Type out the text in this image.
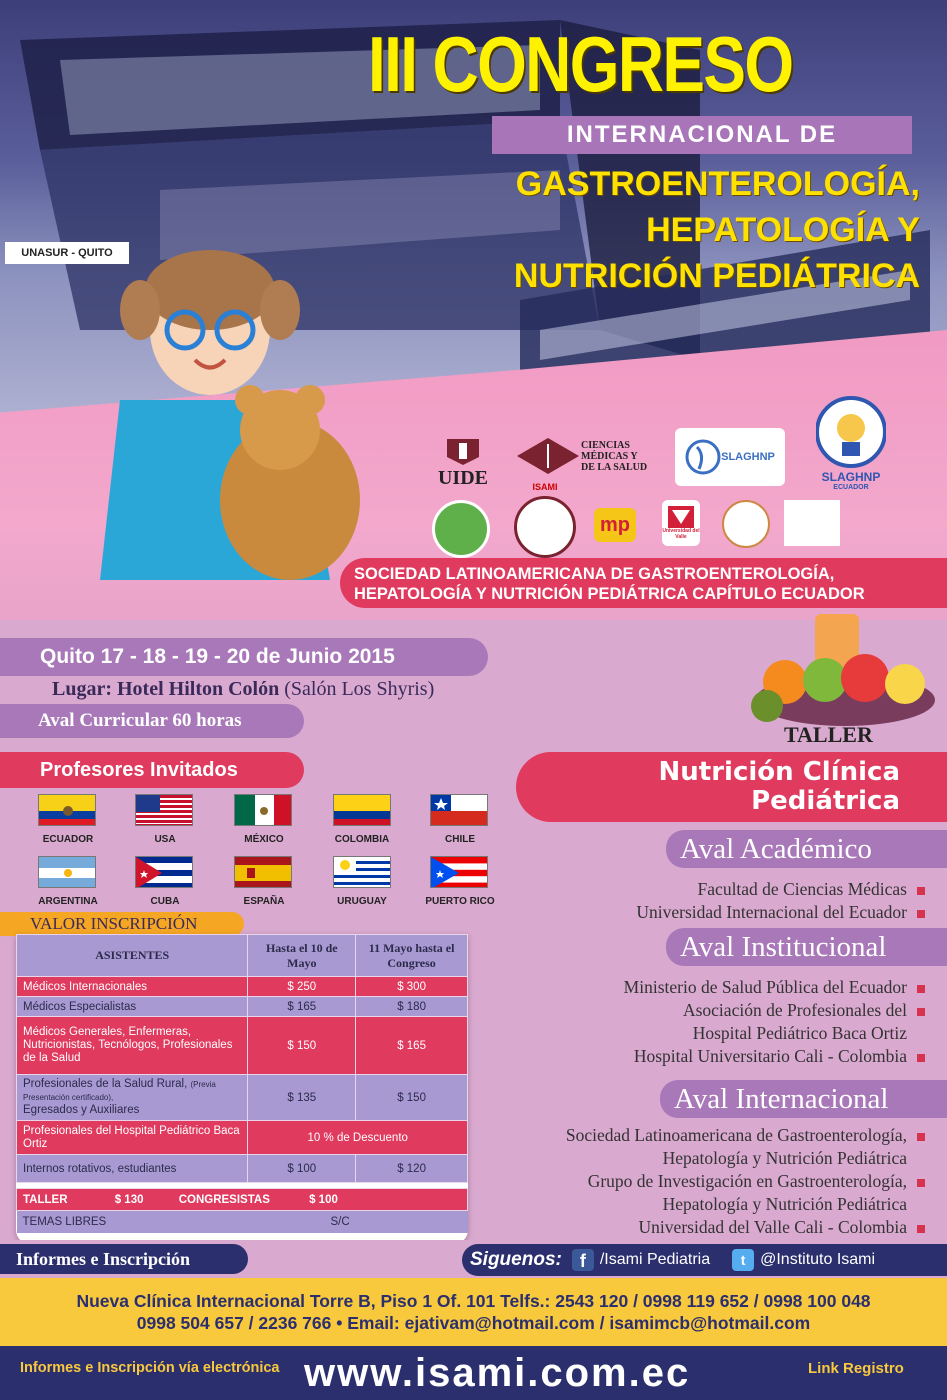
III CONGRESO
INTERNACIONAL DE
GASTROENTEROLOGÍA,
HEPATOLOGÍA Y
NUTRICIÓN PEDIÁTRICA
UNASUR - QUITO
UIDE
CIENCIAS MÉDICAS Y DE LA SALUD
ISAMI
SLAGHNP
SLAGHNP
ECUADOR
mp	Universidad del Valle
SOCIEDAD LATINOAMERICANA DE GASTROENTEROLOGÍA,
HEPATOLOGÍA Y NUTRICIÓN PEDIÁTRICA CAPÍTULO ECUADOR
Quito 17 - 18 - 19 - 20 de Junio 2015
Lugar: Hotel Hilton Colón (Salón Los Shyris)
Aval Curricular 60 horas
TALLER
Nutrición Clínica
Pediátrica
Profesores Invitados
ECUADOR	USA	MÉXICO	COLOMBIA	CHILE
ARGENTINA	CUBA	ESPAÑA	URUGUAY	PUERTO RICO
VALOR INSCRIPCIÓN
ASISTENTES	Hasta el 10 de Mayo	11 Mayo hasta el Congreso
Médicos Internacionales	$ 250	$ 300
Médicos Especialistas	$ 165	$ 180
Médicos Generales, Enfermeras, Nutricionistas, Tecnólogos, Profesionales de la Salud	$ 150	$ 165
Profesionales de la Salud Rural, (Previa Presentación certificado),
Egresados y Auxiliares	$ 135	$ 150
Profesionales del Hospital Pediátrico Baca Ortiz	10 % de Descuento	
Internos rotativos, estudiantes	$ 100	$ 120

TALLER $ 130 CONGRESISTAS $ 100		
TEMAS LIBRES	S/C	
Aval Académico
Facultad de Ciencias Médicas
Universidad Internacional del Ecuador
Aval Institucional
Ministerio de Salud Pública del Ecuador
Asociación de Profesionales del
Hospital Pediátrico Baca Ortiz
Hospital Universitario Cali - Colombia
Aval Internacional
Sociedad Latinoamericana de Gastroenterología,
Hepatología y Nutrición Pediátrica
Grupo de Investigación en Gastroenterología,
Hepatología y Nutrición Pediátrica
Universidad del Valle Cali - Colombia
Informes e Inscripción	Siguenos:	f /Isami Pediatria	t @Instituto Isami
Nueva Clínica Internacional Torre B, Piso 1 Of. 101 Telfs.: 2543 120 / 0998 119 652 / 0998 100 048
0998 504 657 / 2236 766 • Email: ejativam@hotmail.com / isamimcb@hotmail.com
Informes e Inscripción vía electrónica www.isami.com.ec	Link Registro
